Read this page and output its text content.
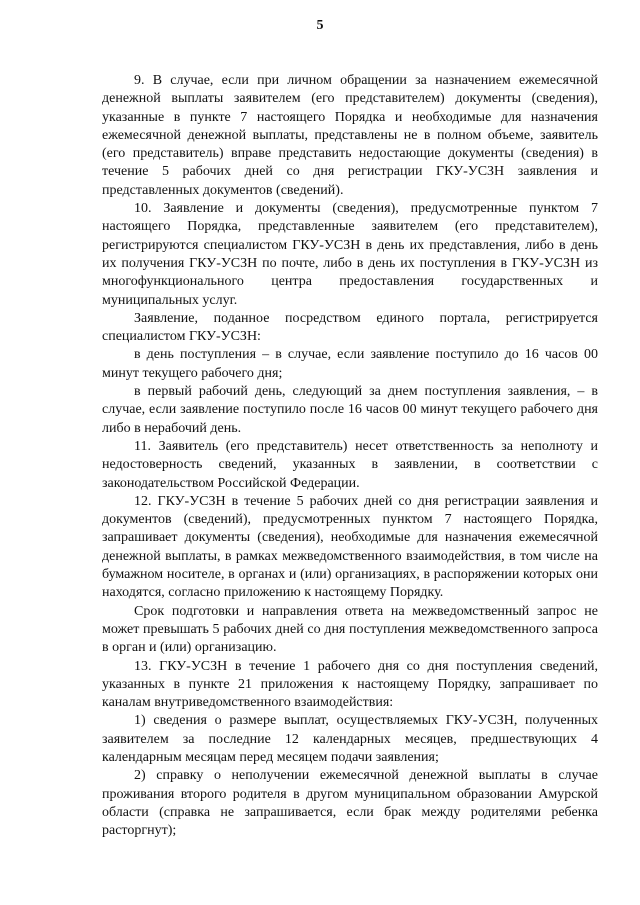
5

9. В случае, если при личном обращении за назначением ежемесячной денежной выплаты заявителем (его представителем) документы (сведения), указанные в пункте 7 настоящего Порядка и необходимые для назначения ежемесячной денежной выплаты, представлены не в полном объеме, заявитель (его представитель) вправе представить недостающие документы (сведения) в течение 5 рабочих дней со дня регистрации ГКУ-УСЗН заявления и представленных документов (сведений).

10. Заявление и документы (сведения), предусмотренные пунктом 7 настоящего Порядка, представленные заявителем (его представителем), регистрируются специалистом ГКУ-УСЗН в день их представления, либо в день их получения ГКУ-УСЗН по почте, либо в день их поступления в ГКУ-УСЗН из многофункционального центра предоставления государственных и муниципальных услуг.

Заявление, поданное посредством единого портала, регистрируется специалистом ГКУ-УСЗН:

в день поступления – в случае, если заявление поступило до 16 часов 00 минут текущего рабочего дня;

в первый рабочий день, следующий за днем поступления заявления, – в случае, если заявление поступило после 16 часов 00 минут текущего рабочего дня либо в нерабочий день.

11. Заявитель (его представитель) несет ответственность за неполноту и недостоверность сведений, указанных в заявлении, в соответствии с законодательством Российской Федерации.

12. ГКУ-УСЗН в течение 5 рабочих дней со дня регистрации заявления и документов (сведений), предусмотренных пунктом 7 настоящего Порядка, запрашивает документы (сведения), необходимые для назначения ежемесячной денежной выплаты, в рамках межведомственного взаимодействия, в том числе на бумажном носителе, в органах и (или) организациях, в распоряжении которых они находятся, согласно приложению к настоящему Порядку.

Срок подготовки и направления ответа на межведомственный запрос не может превышать 5 рабочих дней со дня поступления межведомственного запроса в орган и (или) организацию.

13. ГКУ-УСЗН в течение 1 рабочего дня со дня поступления сведений, указанных в пункте 21 приложения к настоящему Порядку, запрашивает по каналам внутриведомственного взаимодействия:

1) сведения о размере выплат, осуществляемых ГКУ-УСЗН, полученных заявителем за последние 12 календарных месяцев, предшествующих 4 календарным месяцам перед месяцем подачи заявления;

2) справку о неполучении ежемесячной денежной выплаты в случае проживания второго родителя в другом муниципальном образовании Амурской области (справка не запрашивается, если брак между родителями ребенка расторгнут);
